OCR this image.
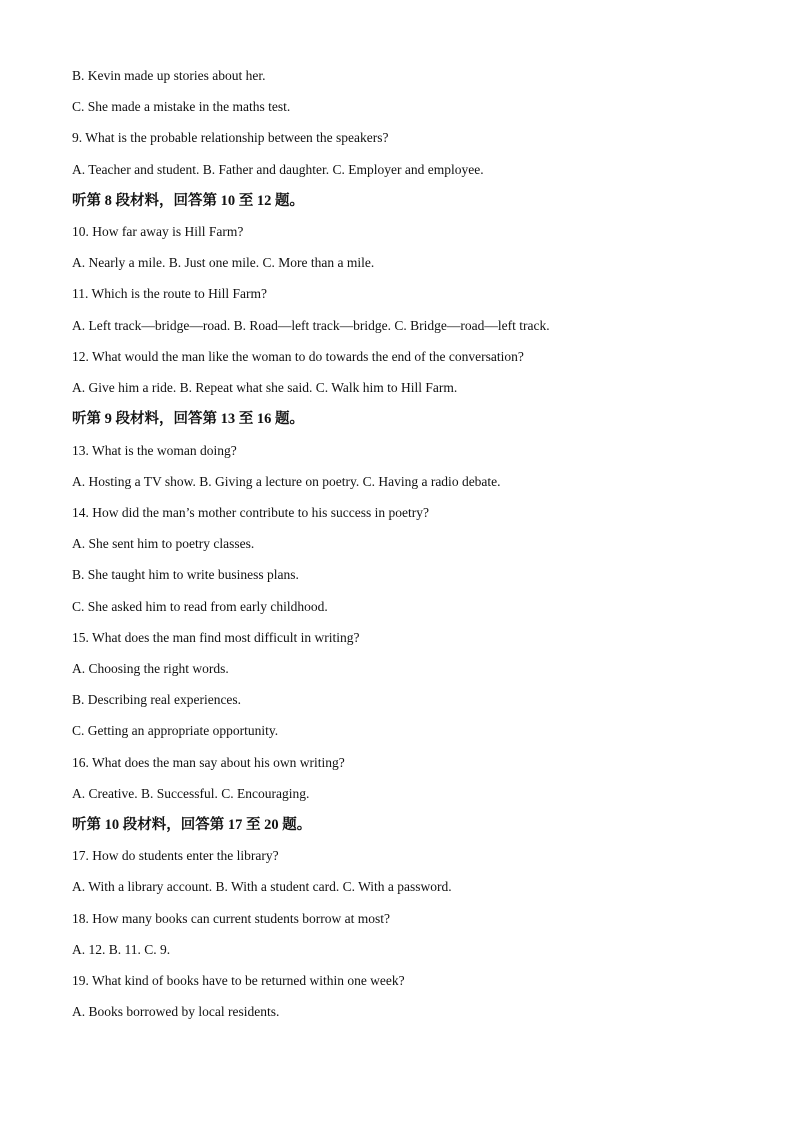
B. Kevin made up stories about her.
C. She made a mistake in the maths test.
9. What is the probable relationship between the speakers?
A. Teacher and student. B. Father and daughter. C. Employer and employee.
听第 8 段材料，回答第 10 至 12 题。
10. How far away is Hill Farm?
A. Nearly a mile. B. Just one mile. C. More than a mile.
11. Which is the route to Hill Farm?
A. Left track—bridge—road. B. Road—left track—bridge. C. Bridge—road—left track.
12. What would the man like the woman to do towards the end of the conversation?
A. Give him a ride. B. Repeat what she said. C. Walk him to Hill Farm.
听第 9 段材料，回答第 13 至 16 题。
13. What is the woman doing?
A. Hosting a TV show. B. Giving a lecture on poetry. C. Having a radio debate.
14. How did the man’s mother contribute to his success in poetry?
A. She sent him to poetry classes.
B. She taught him to write business plans.
C. She asked him to read from early childhood.
15. What does the man find most difficult in writing?
A. Choosing the right words.
B. Describing real experiences.
C. Getting an appropriate opportunity.
16. What does the man say about his own writing?
A. Creative. B. Successful. C. Encouraging.
听第 10 段材料，回答第 17 至 20 题。
17. How do students enter the library?
A. With a library account. B. With a student card. C. With a password.
18. How many books can current students borrow at most?
A. 12. B. 11. C. 9.
19. What kind of books have to be returned within one week?
A. Books borrowed by local residents.
